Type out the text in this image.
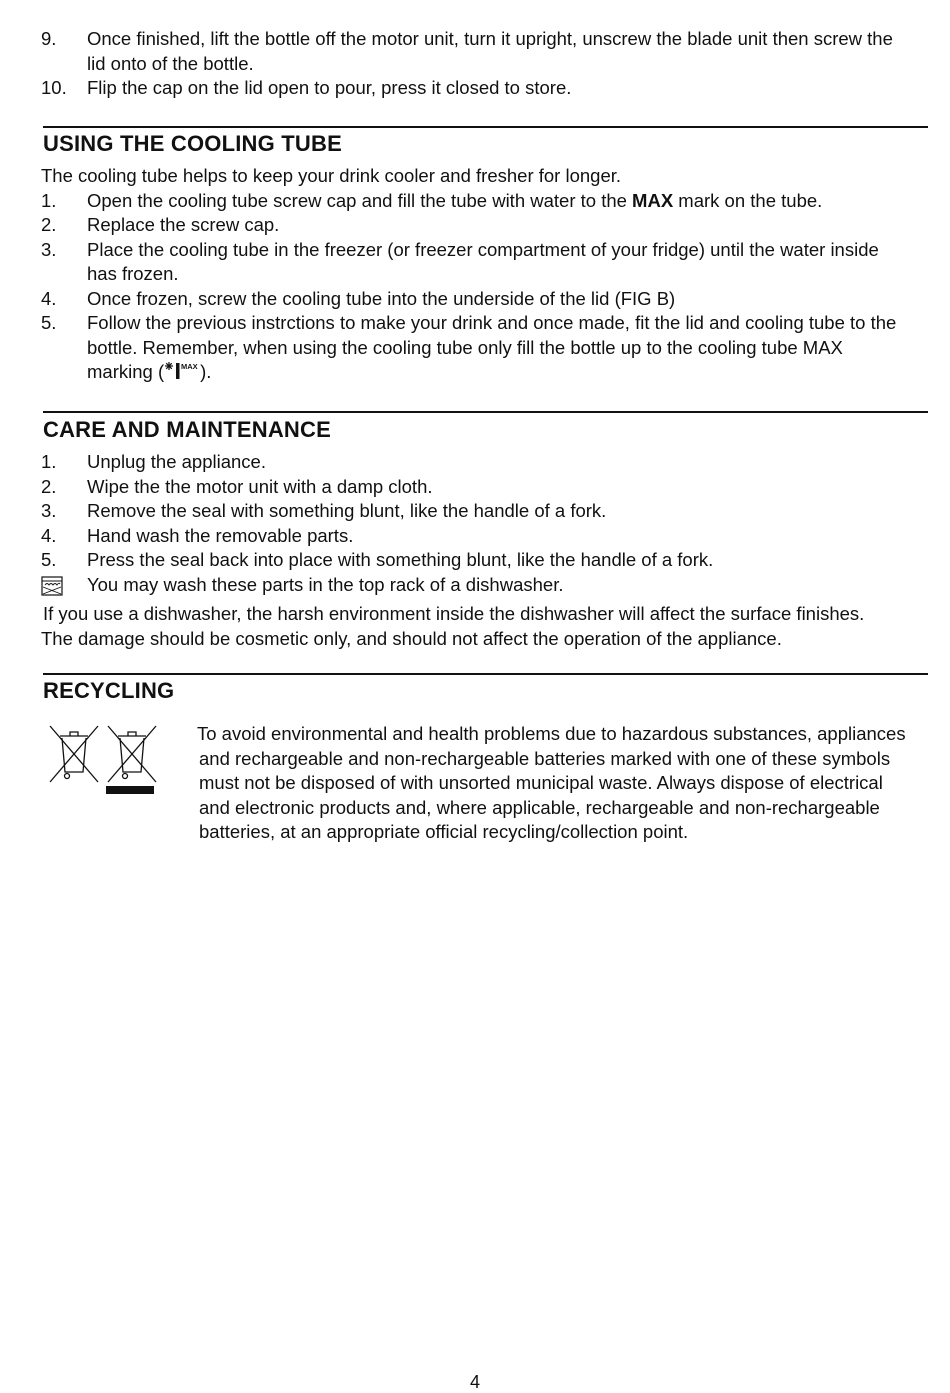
9.	Once finished, lift the bottle off the motor unit, turn it upright, unscrew the blade unit then screw the
lid onto of the bottle.
10.	Flip the cap on the lid open to pour, press it closed to store.
USING THE COOLING TUBE
The cooling tube helps to keep your drink cooler and fresher for longer.
1.	Open the cooling tube screw cap and fill the tube with water to the MAX mark on the tube.
2.	Replace the screw cap.
3.	Place the cooling tube in the freezer (or freezer compartment of your fridge) until the water inside
has frozen.
4.	Once frozen, screw the cooling tube into the underside of the lid (FIG B)
5.	Follow the previous instrctions to make your drink and once made, fit the lid and cooling tube to the
bottle. Remember, when using the cooling tube only fill the bottle up to the cooling tube MAX
marking ( MAX ).
CARE AND MAINTENANCE
1.	Unplug the appliance.
2.	Wipe the the motor unit with a damp cloth.
3.	Remove the seal with something blunt, like the handle of a fork.
4.	Hand wash the removable parts.
5.	Press the seal back into place with something blunt, like the handle of a fork.
You may wash these parts in the top rack of a dishwasher.
If you use a dishwasher, the harsh environment inside the dishwasher will affect the surface finishes.
The damage should be cosmetic only, and should not affect the operation of the appliance.
RECYCLING
To avoid environmental and health problems due to hazardous substances, appliances
and rechargeable and non-rechargeable batteries marked with one of these symbols
must not be disposed of with unsorted municipal waste. Always dispose of electrical
and electronic products and, where applicable, rechargeable and non-rechargeable
batteries, at an appropriate official recycling/collection point.
4
